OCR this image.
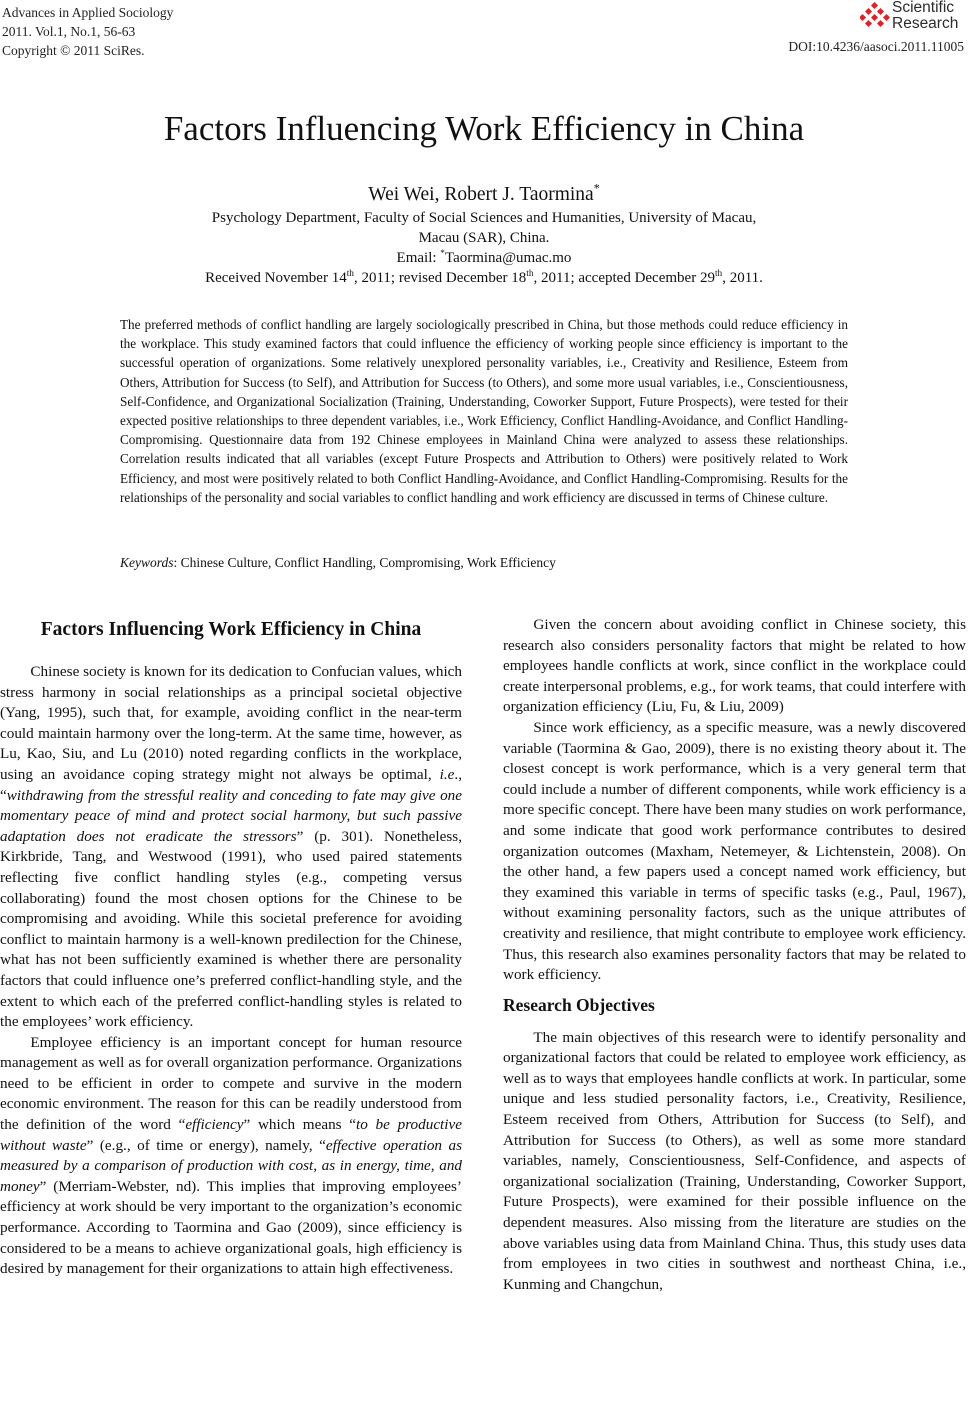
Advances in Applied Sociology
2011. Vol.1, No.1, 56-63
Copyright © 2011 SciRes.	DOI:10.4236/aasoci.2011.11005
Scientific
Research
Factors Influencing Work Efficiency in China
Wei Wei, Robert J. Taormina*
Psychology Department, Faculty of Social Sciences and Humanities, University of Macau,
Macau (SAR), China.
Email: *Taormina@umac.mo
Received November 14th, 2011; revised December 18th, 2011; accepted December 29th, 2011.
The preferred methods of conflict handling are largely sociologically prescribed in China, but those methods could reduce efficiency in the workplace. This study examined factors that could influence the efficiency of working people since efficiency is important to the successful operation of organizations. Some relatively unexplored personality variables, i.e., Creativity and Resilience, Esteem from Others, Attribution for Success (to Self), and Attribution for Success (to Others), and some more usual variables, i.e., Conscientiousness, Self-Confidence, and Organizational Socialization (Training, Understanding, Coworker Support, Future Prospects), were tested for their expected positive relationships to three dependent variables, i.e., Work Efficiency, Conflict Handling-Avoidance, and Conflict Handling-Compromising. Questionnaire data from 192 Chinese employees in Mainland China were analyzed to assess these relationships. Correlation results indicated that all variables (except Future Prospects and Attribution to Others) were positively related to Work Efficiency, and most were positively related to both Conflict Handling-Avoidance, and Conflict Handling-Compromising. Results for the relationships of the personality and social variables to conflict handling and work efficiency are discussed in terms of Chinese culture.
Keywords: Chinese Culture, Conflict Handling, Compromising, Work Efficiency
Factors Influencing Work Efficiency in China

Chinese society is known for its dedication to Confucian values, which stress harmony in social relationships as a principal societal objective (Yang, 1995), such that, for example, avoiding conflict in the near-term could maintain harmony over the long-term. At the same time, however, as Lu, Kao, Siu, and Lu (2010) noted regarding conflicts in the workplace, using an avoidance coping strategy might not always be optimal, i.e., “withdrawing from the stressful reality and conceding to fate may give one momentary peace of mind and protect social harmony, but such passive adaptation does not eradicate the stressors” (p. 301). Nonetheless, Kirkbride, Tang, and Westwood (1991), who used paired statements reflecting five conflict handling styles (e.g., competing versus collaborating) found the most chosen options for the Chinese to be compromising and avoiding. While this societal preference for avoiding conflict to maintain harmony is a well-known predilection for the Chinese, what has not been sufficiently examined is whether there are personality factors that could influence one’s preferred conflict-handling style, and the extent to which each of the preferred conflict-handling styles is related to the employees’ work efficiency.

Employee efficiency is an important concept for human resource management as well as for overall organization performance. Organizations need to be efficient in order to compete and survive in the modern economic environment. The reason for this can be readily understood from the definition of the word “efficiency” which means “to be productive without waste” (e.g., of time or energy), namely, “effective operation as measured by a comparison of production with cost, as in energy, time, and money” (Merriam-Webster, nd). This implies that improving employees’ efficiency at work should be very important to the organization’s economic performance. According to Taormina and Gao (2009), since efficiency is considered to be a means to achieve organizational goals, high efficiency is desired by management for their organizations to attain high effectiveness.

Given the concern about avoiding conflict in Chinese society, this research also considers personality factors that might be related to how employees handle conflicts at work, since conflict in the workplace could create interpersonal problems, e.g., for work teams, that could interfere with organization efficiency (Liu, Fu, & Liu, 2009)

Since work efficiency, as a specific measure, was a newly discovered variable (Taormina & Gao, 2009), there is no existing theory about it. The closest concept is work performance, which is a very general term that could include a number of different components, while work efficiency is a more specific concept. There have been many studies on work performance, and some indicate that good work performance contributes to desired organization outcomes (Maxham, Netemeyer, & Lichtenstein, 2008). On the other hand, a few papers used a concept named work efficiency, but they examined this variable in terms of specific tasks (e.g., Paul, 1967), without examining personality factors, such as the unique attributes of creativity and resilience, that might contribute to employee work efficiency. Thus, this research also examines personality factors that may be related to work efficiency.

Research Objectives

The main objectives of this research were to identify personality and organizational factors that could be related to employee work efficiency, as well as to ways that employees handle conflicts at work. In particular, some unique and less studied personality factors, i.e., Creativity, Resilience, Esteem received from Others, Attribution for Success (to Self), and Attribution for Success (to Others), as well as some more standard variables, namely, Conscientiousness, Self-Confidence, and aspects of organizational socialization (Training, Understanding, Coworker Support, Future Prospects), were examined for their possible influence on the dependent measures. Also missing from the literature are studies on the above variables using data from Mainland China. Thus, this study uses data from employees in two cities in southwest and northeast China, i.e., Kunming and Changchun,
